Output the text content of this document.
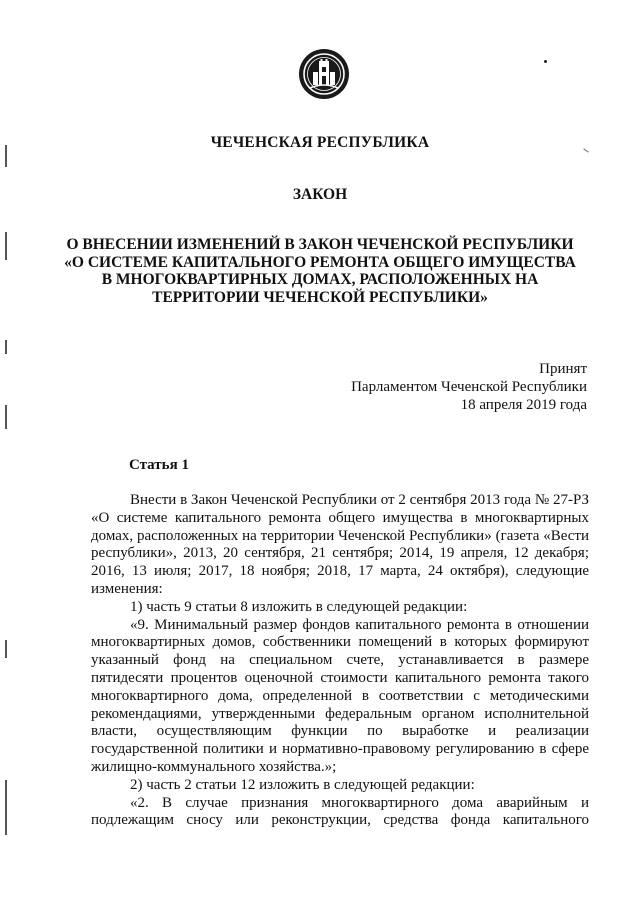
ЧЕЧЕНСКАЯ РЕСПУБЛИКА
ЗАКОН
О ВНЕСЕНИИ ИЗМЕНЕНИЙ В ЗАКОН ЧЕЧЕНСКОЙ РЕСПУБЛИКИ
«О СИСТЕМЕ КАПИТАЛЬНОГО РЕМОНТА ОБЩЕГО ИМУЩЕСТВА
В МНОГОКВАРТИРНЫХ ДОМАХ, РАСПОЛОЖЕННЫХ НА
ТЕРРИТОРИИ ЧЕЧЕНСКОЙ РЕСПУБЛИКИ»
Принят
Парламентом Чеченской Республики
18 апреля 2019 года
Статья 1
Внести в Закон Чеченской Республики от 2 сентября 2013 года № 27-РЗ
«О системе капитального ремонта общего имущества в многоквартирных
домах, расположенных на территории Чеченской Республики» (газета «Вести
республики», 2013, 20 сентября, 21 сентября; 2014, 19 апреля, 12 декабря;
2016, 13 июля; 2017, 18 ноября; 2018, 17 марта, 24 октября), следующие
изменения:
1) часть 9 статьи 8 изложить в следующей редакции:
«9. Минимальный размер фондов капитального ремонта в отношении
многоквартирных домов, собственники помещений в которых формируют
указанный фонд на специальном счете, устанавливается в размере
пятидесяти процентов оценочной стоимости капитального ремонта такого
многоквартирного дома, определенной в соответствии с методическими
рекомендациями, утвержденными федеральным органом исполнительной
власти, осуществляющим функции по выработке и реализации
государственной политики и нормативно-правовому регулированию в сфере
жилищно-коммунального хозяйства.»;
2) часть 2 статьи 12 изложить в следующей редакции:
«2. В случае признания многоквартирного дома аварийным и
подлежащим сносу или реконструкции, средства фонда капитального
